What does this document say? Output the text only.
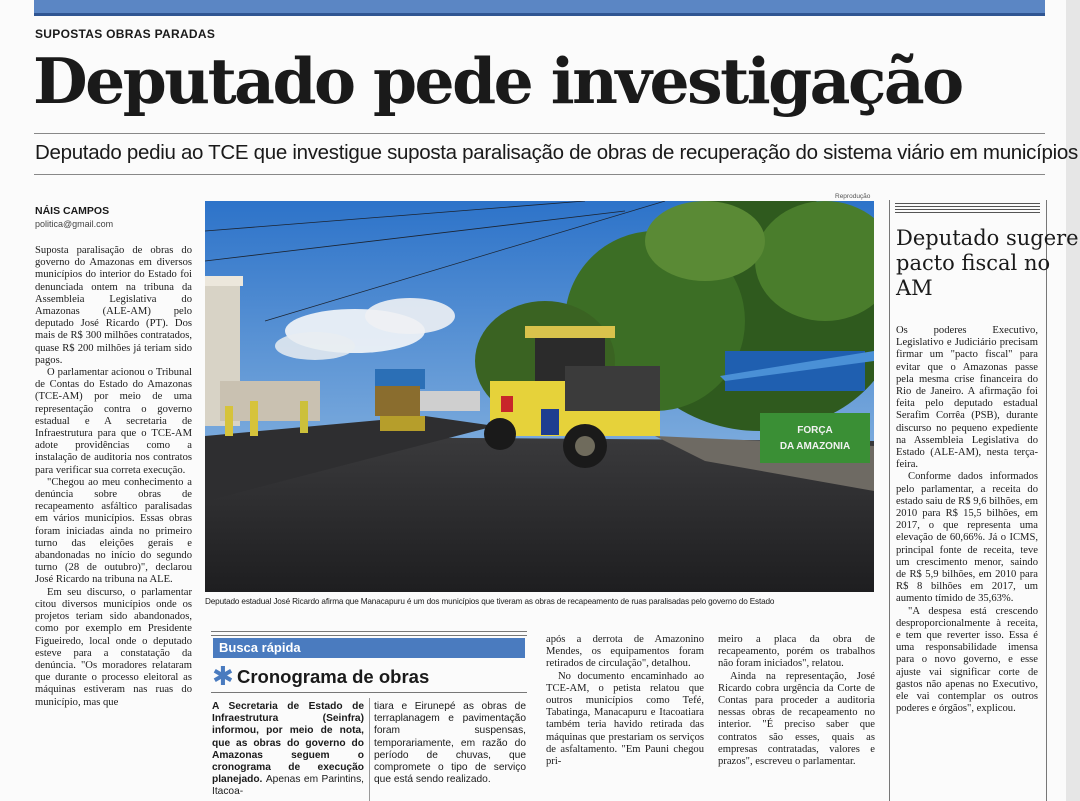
SUPOSTAS OBRAS PARADAS
Deputado pede investigação
Deputado pediu ao TCE que investigue suposta paralisação de obras de recuperação do sistema viário em municípios
NÁIS CAMPOS
politica@gmail.com

Suposta paralisação de obras do governo do Amazonas em diversos municípios do interior do Estado foi denunciada ontem na tribuna da Assembleia Legislativa do Amazonas (ALE-AM) pelo deputado José Ricardo (PT). Dos mais de R$ 300 milhões contratados, quase R$ 200 milhões já teriam sido pagos.

O parlamentar acionou o Tribunal de Contas do Estado do Amazonas (TCE-AM) por meio de uma representação contra o governo estadual e A secretaria de Infraestrutura para que o TCE-AM adote providências como a instalação de auditoria nos contratos para verificar sua correta execução.

"Chegou ao meu conhecimento a denúncia sobre obras de recapeamento asfáltico paralisadas em vários municípios. Essas obras foram iniciadas ainda no primeiro turno das eleições gerais e abandonadas no início do segundo turno (28 de outubro)", declarou José Ricardo na tribuna na ALE.

Em seu discurso, o parlamentar citou diversos municípios onde os projetos teriam sido abandonados, como por exemplo em Presidente Figueiredo, local onde o deputado esteve para a constatação da denúncia. "Os moradores relataram que durante o processo eleitoral as máquinas estiveram nas ruas do município, mas que

Reprodução
FORÇA
DA AMAZONIA
Deputado estadual José Ricardo afirma que Manacapuru é um dos municípios que tiveram as obras de recapeamento de ruas paralisadas pelo governo do Estado
Busca rápida
✱ Cronograma de obras
A Secretaria de Estado de Infraestrutura (Seinfra) informou, por meio de nota, que as obras do governo do Amazonas seguem o cronograma de execução planejado. Apenas em Parintins, Itacoa-
tiara e Eirunepé as obras de terraplanagem e pavimentação foram suspensas, temporariamente, em razão do período de chuvas, que compromete o tipo de serviço que está sendo realizado.

após a derrota de Amazonino Mendes, os equipamentos foram retirados de circulação", detalhou.

No documento encaminhado ao TCE-AM, o petista relatou que outros municípios como Tefé, Tabatinga, Manacapuru e Itacoatiara também teria havido retirada das máquinas que prestariam os serviços de asfaltamento. "Em Pauni chegou pri-

meiro a placa da obra de recapeamento, porém os trabalhos não foram iniciados", relatou.

Ainda na representação, José Ricardo cobra urgência da Corte de Contas para proceder a auditoria nessas obras de recapeamento no interior. "É preciso saber que contratos são esses, quais as empresas contratadas, valores e prazos", escreveu o parlamentar.

Deputado sugere pacto fiscal no AM

Os poderes Executivo, Legislativo e Judiciário precisam firmar um "pacto fiscal" para evitar que o Amazonas passe pela mesma crise financeira do Rio de Janeiro. A afirmação foi feita pelo deputado estadual Serafim Corrêa (PSB), durante discurso no pequeno expediente na Assembleia Legislativa do Estado (ALE-AM), nesta terça-feira.

Conforme dados informados pelo parlamentar, a receita do estado saiu de R$ 9,6 bilhões, em 2010 para R$ 15,5 bilhões, em 2017, o que representa uma elevação de 60,66%. Já o ICMS, principal fonte de receita, teve um crescimento menor, saindo de R$ 5,9 bilhões, em 2010 para R$ 8 bilhões em 2017, um aumento tímido de 35,63%.

"A despesa está crescendo desproporcionalmente à receita, e tem que reverter isso. Essa é uma responsabilidade imensa para o novo governo, e esse ajuste vai significar corte de gastos não apenas no Executivo, ele vai contemplar os outros poderes e órgãos", explicou.
